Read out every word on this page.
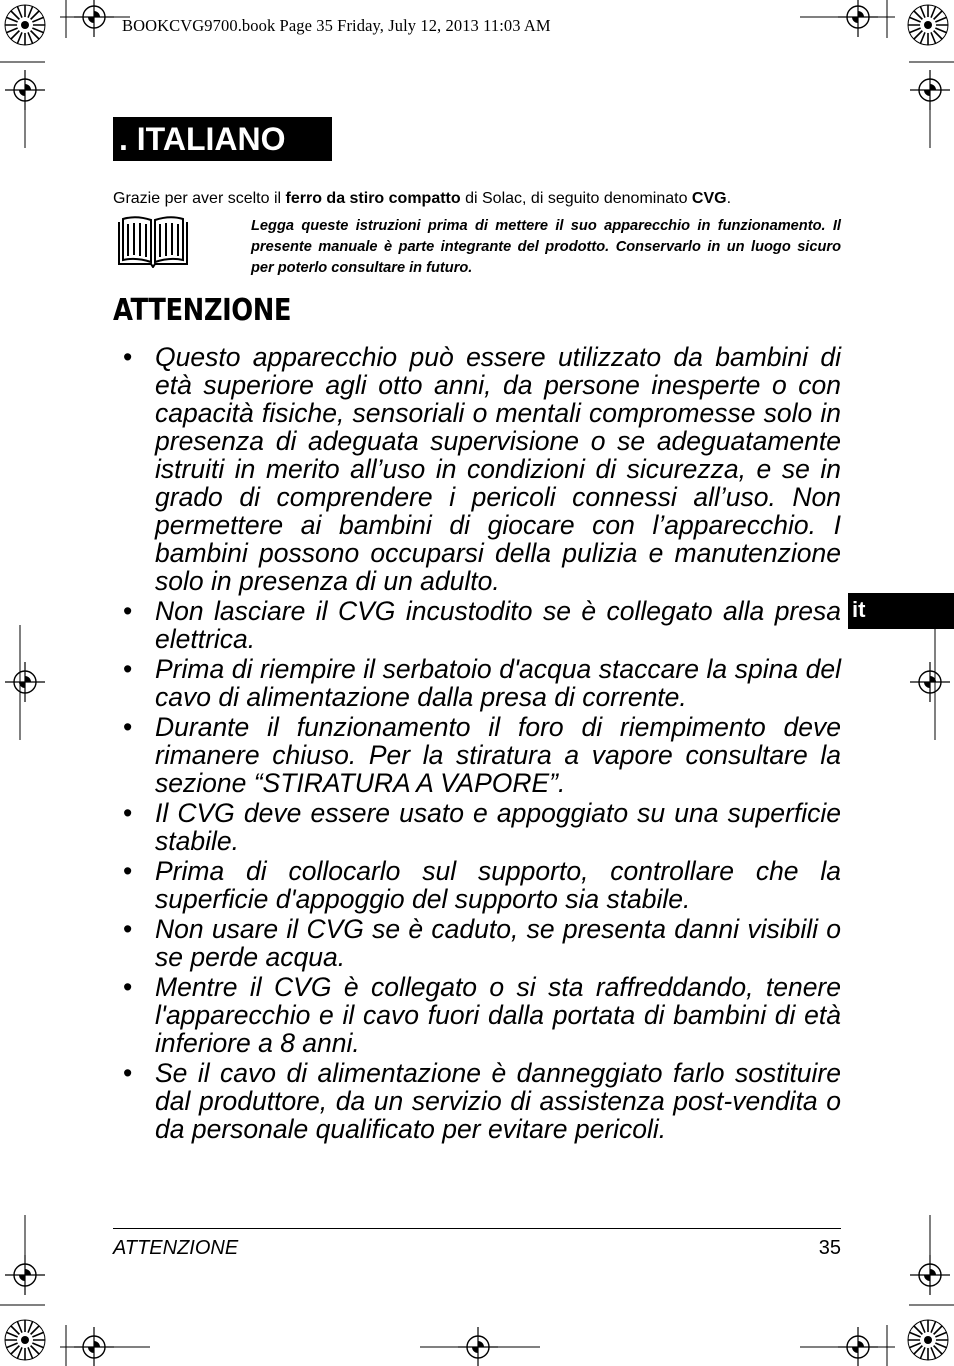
BOOKCVG9700.book Page 35 Friday, July 12, 2013 11:03 AM
. ITALIANO
Grazie per aver scelto il ferro da stiro compatto di Solac, di seguito denominato CVG.
Legga queste istruzioni prima di mettere il suo apparecchio in funzionamento. Il presente manuale è parte integrante del prodotto. Conservarlo in un luogo sicuro per poterlo consultare in futuro.
ATTENZIONE
• Questo apparecchio può essere utilizzato da bambini di età superiore agli otto anni, da persone inesperte o con capacità fisiche, sensoriali o mentali compromesse solo in presenza di adeguata supervisione o se adeguatamente istruiti in merito all’uso in condizioni di sicurezza, e se in grado di comprendere i pericoli connessi all’uso. Non permettere ai bambini di giocare con l’apparecchio. I bambini possono occuparsi della pulizia e manutenzione solo in presenza di un adulto.
• Non lasciare il CVG incustodito se è collegato alla presa elettrica.
• Prima di riempire il serbatoio d'acqua staccare la spina del cavo di alimentazione dalla presa di corrente.
• Durante il funzionamento il foro di riempimento deve rimanere chiuso. Per la stiratura a vapore consultare la sezione “STIRATURA A VAPORE”.
• Il CVG deve essere usato e appoggiato su una superficie stabile.
• Prima di collocarlo sul supporto, controllare che la superficie d'appoggio del supporto sia stabile.
• Non usare il CVG se è caduto, se presenta danni visibili o se perde acqua.
• Mentre il CVG è collegato o si sta raffreddando, tenere l'apparecchio e il cavo fuori dalla portata di bambini di età inferiore a 8 anni.
• Se il cavo di alimentazione è danneggiato farlo sostituire dal produttore, da un servizio di assistenza post-vendita o da personale qualificato per evitare pericoli.
it
ATTENZIONE	35
